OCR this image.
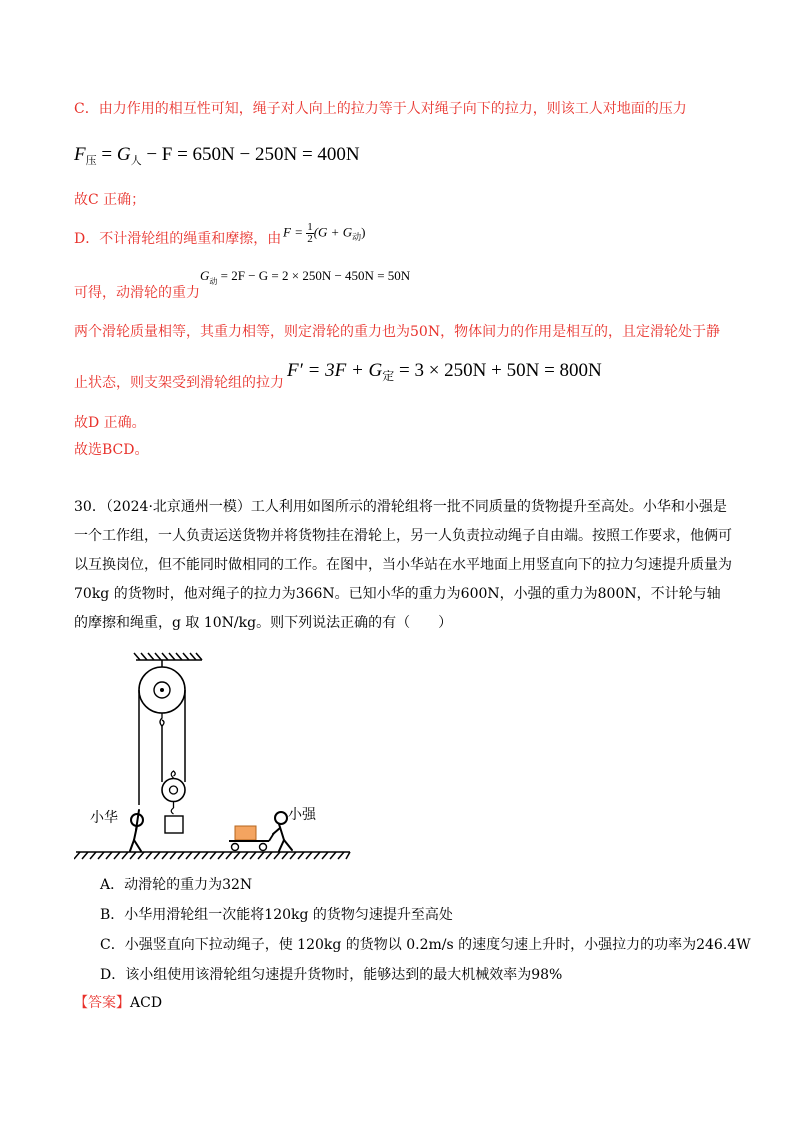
C．由力作用的相互性可知，绳子对人向上的拉力等于人对绳子向下的拉力，则该工人对地面的压力
$F_压 = G_人 - F = 650N - 250N = 400N$
故C 正确；
D．不计滑轮组的绳重和摩擦，由 $F = \frac{1}{2} (G + G_动)$
可得，动滑轮的重力
$G_动 = 2F - G = 2 \times 250N - 450N = 50N$
两个滑轮质量相等，其重力相等，则定滑轮的重力也为50N，物体间力的作用是相互的，且定滑轮处于静
止状态，则支架受到滑轮组的拉力
$F' = 3F + G_定 = 3 \times 250N + 50N = 800N$
故D 正确。
故选BCD。
30．（2024·北京通州一模）工人利用如图所示的滑轮组将一批不同质量的货物提升至高处。小华和小强是一个工作组，一人负责运送货物并将货物挂在滑轮上，另一人负责拉动绳子自由端。按照工作要求，他俩可以互换岗位，但不能同时做相同的工作。在图中，当小华站在水平地面上用竖直向下的拉力匀速提升质量为70kg 的货物时，他对绳子的拉力为366N。已知小华的重力为600N，小强的重力为800N，不计轮与轴的摩擦和绳重，g 取 10N/kg。则下列说法正确的有（　　）
小华	小强
A．动滑轮的重力为32N
B．小华用滑轮组一次能将120kg 的货物匀速提升至高处
C．小强竖直向下拉动绳子，使 120kg 的货物以 0.2m/s 的速度匀速上升时，小强拉力的功率为246.4W
D．该小组使用该滑轮组匀速提升货物时，能够达到的最大机械效率为98%
【答案】ACD
